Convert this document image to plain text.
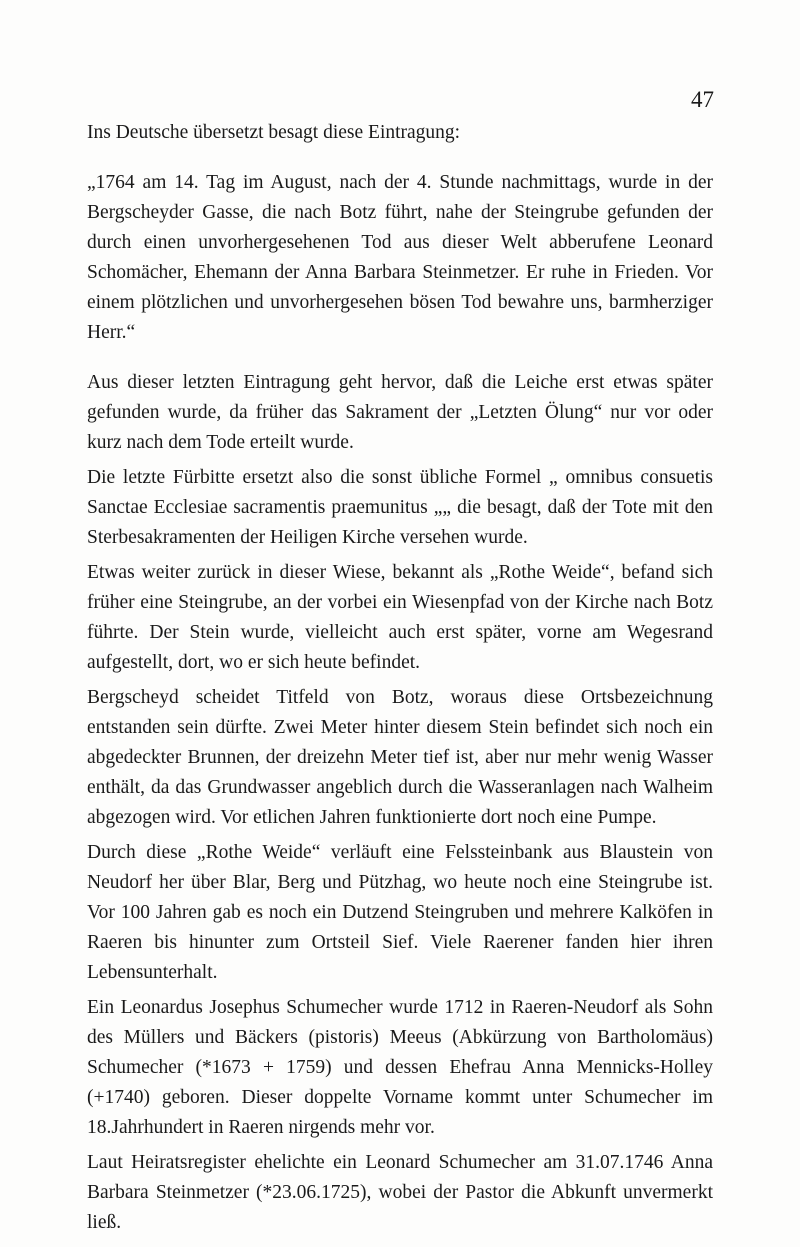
47

Ins Deutsche übersetzt besagt diese Eintragung:

„1764 am 14. Tag im August, nach der 4. Stunde nachmittags, wurde in der Bergscheyder Gasse, die nach Botz führt, nahe der Steingrube gefunden der durch einen unvorhergesehenen Tod aus dieser Welt abberufene Leonard Schomächer, Ehemann der Anna Barbara Steinmetzer. Er ruhe in Frieden. Vor einem plötzlichen und unvorhergesehen bösen Tod bewahre uns, barmherziger Herr.“

Aus dieser letzten Eintragung geht hervor, daß die Leiche erst etwas später gefunden wurde, da früher das Sakrament der „Letzten Ölung“ nur vor oder kurz nach dem Tode erteilt wurde.

Die letzte Fürbitte ersetzt also die sonst übliche Formel „ omnibus consuetis Sanctae Ecclesiae sacramentis praemunitus „„ die besagt, daß der Tote mit den Sterbesakramenten der Heiligen Kirche versehen wurde.

Etwas weiter zurück in dieser Wiese, bekannt als „Rothe Weide“, befand sich früher eine Steingrube, an der vorbei ein Wiesenpfad von der Kirche nach Botz führte. Der Stein wurde, vielleicht auch erst später, vorne am Wegesrand aufgestellt, dort, wo er sich heute befindet.

Bergscheyd scheidet Titfeld von Botz, woraus diese Ortsbezeichnung entstanden sein dürfte. Zwei Meter hinter diesem Stein befindet sich noch ein abgedeckter Brunnen, der dreizehn Meter tief ist, aber nur mehr wenig Wasser enthält, da das Grundwasser angeblich durch die Wasseranlagen nach Walheim abgezogen wird. Vor etlichen Jahren funktionierte dort noch eine Pumpe.

Durch diese „Rothe Weide“ verläuft eine Felssteinbank aus Blaustein von Neudorf her über Blar, Berg und Pützhag, wo heute noch eine Steingrube ist. Vor 100 Jahren gab es noch ein Dutzend Steingruben und mehrere Kalköfen in Raeren bis hinunter zum Ortsteil Sief. Viele Raerener fanden hier ihren Lebensunterhalt.

Ein Leonardus Josephus Schumecher wurde 1712 in Raeren-Neudorf als Sohn des Müllers und Bäckers (pistoris) Meeus (Abkürzung von Bartholomäus) Schumecher (*1673 + 1759) und dessen Ehefrau Anna Mennicks-Holley (+1740) geboren. Dieser doppelte Vorname kommt unter Schumecher im 18.Jahrhundert in Raeren nirgends mehr vor.

Laut Heiratsregister ehelichte ein Leonard Schumecher am 31.07.1746 Anna Barbara Steinmetzer (*23.06.1725), wobei der Pastor die Abkunft unvermerkt ließ.
